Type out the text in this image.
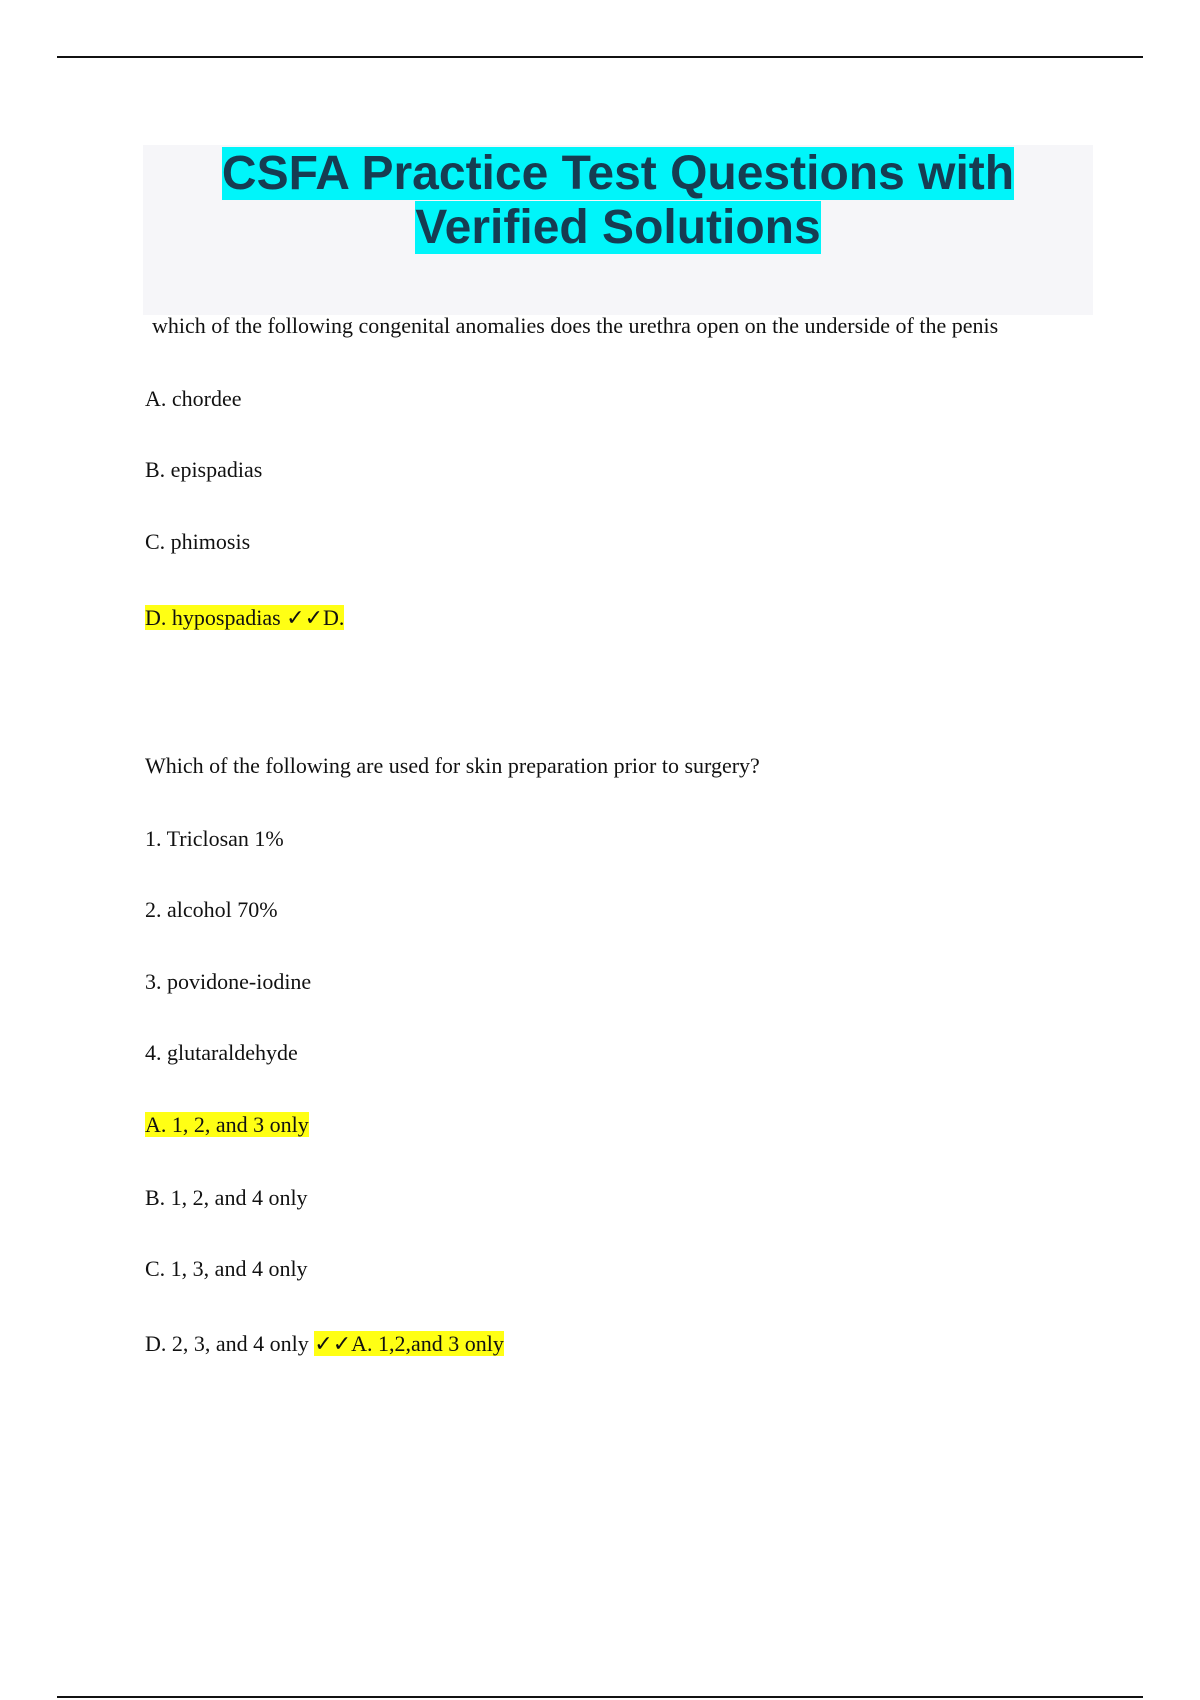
CSFA Practice Test Questions with Verified Solutions
which of the following congenital anomalies does the urethra open on the underside of the penis
A. chordee
B. epispadias
C. phimosis
D. hypospadias ✓✓D.
Which of the following are used for skin preparation prior to surgery?
1. Triclosan 1%
2. alcohol 70%
3. povidone-iodine
4. glutaraldehyde
A. 1, 2, and 3 only
B. 1, 2, and 4 only
C. 1, 3, and 4 only
D. 2, 3, and 4 only ✓✓A. 1,2,and 3 only
